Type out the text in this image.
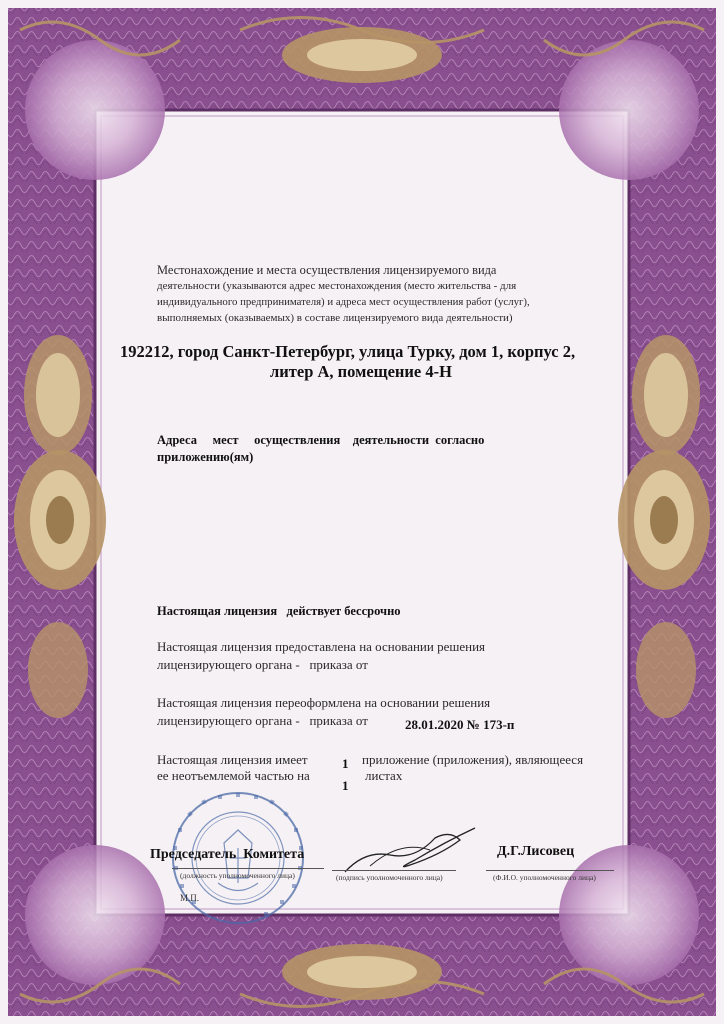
Местонахождение и места осуществления лицензируемого вида
деятельности (указываются адрес местонахождения (место жительства - для
индивидуального предпринимателя) и адреса мест осуществления работ (услуг),
выполняемых (оказываемых) в составе лицензируемого вида деятельности)
192212, город Санкт-Петербург, улица Турку, дом 1, корпус 2,
литер А, помещение 4-Н
Адреса     мест     осуществления    деятельности  согласно
приложению(ям)
Настоящая лицензия   действует бессрочно
Настоящая лицензия предоставлена на основании решения
лицензирующего органа -   приказа от
Настоящая лицензия переоформлена на основании решения
лицензирующего органа -   приказа от	28.01.2020 № 173-п
Настоящая лицензия имеет	1 приложение (приложения), являющееся
ее неотъемлемой частью на
1
листах
Председатель  Комитета
(должность уполномоченного лица)	(подпись уполномоченного лица)
Д.Г.Лисовец
(Ф.И.О. уполномоченного лица)
М.П.
